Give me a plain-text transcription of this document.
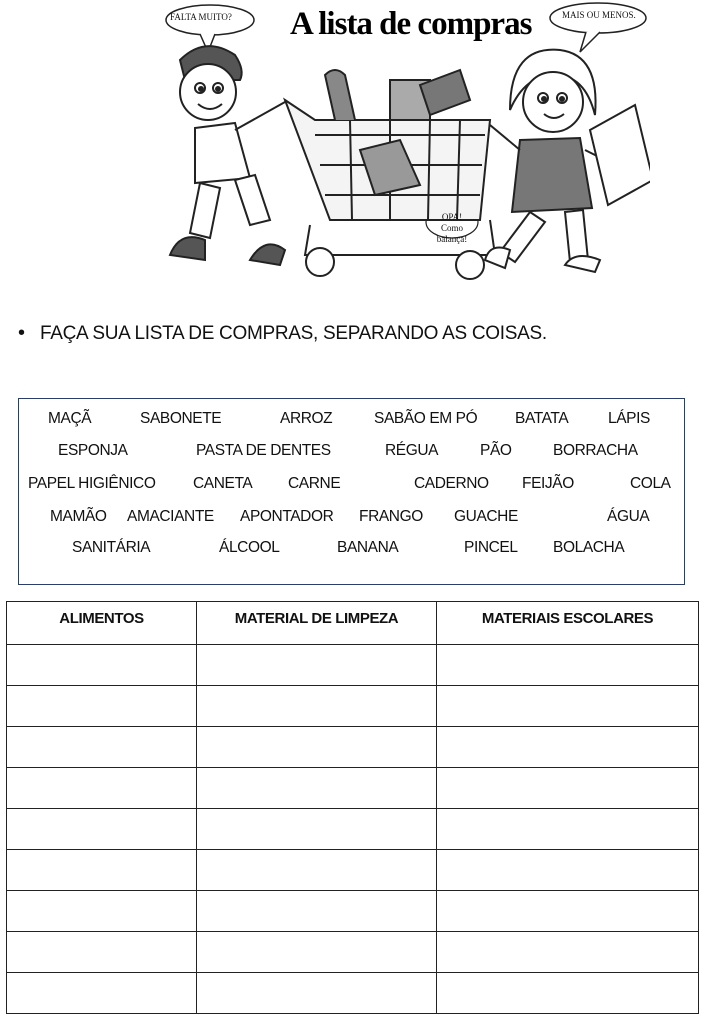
A lista de compras
FALTA MUITO?	MAIS OU MENOS.
OPA! Como balança!
• FAÇA SUA LISTA DE COMPRAS, SEPARANDO AS COISAS.
MAÇÃ	SABONETE	ARROZ	SABÃO EM PÓ BATATA	LÁPIS
ESPONJA	PASTA DE DENTES	RÉGUA	PÃO	BORRACHA
PAPEL HIGIÊNICO CANETA CARNE	CADERNO FEIJÃO	COLA
MAMÃO AMACIANTE APONTADOR FRANGO GUACHE	ÁGUA
SANITÁRIA	ÁLCOOL	BANANA	PINCEL BOLACHA
ALIMENTOS	MATERIAL DE LIMPEZA	MATERIAIS ESCOLARES
